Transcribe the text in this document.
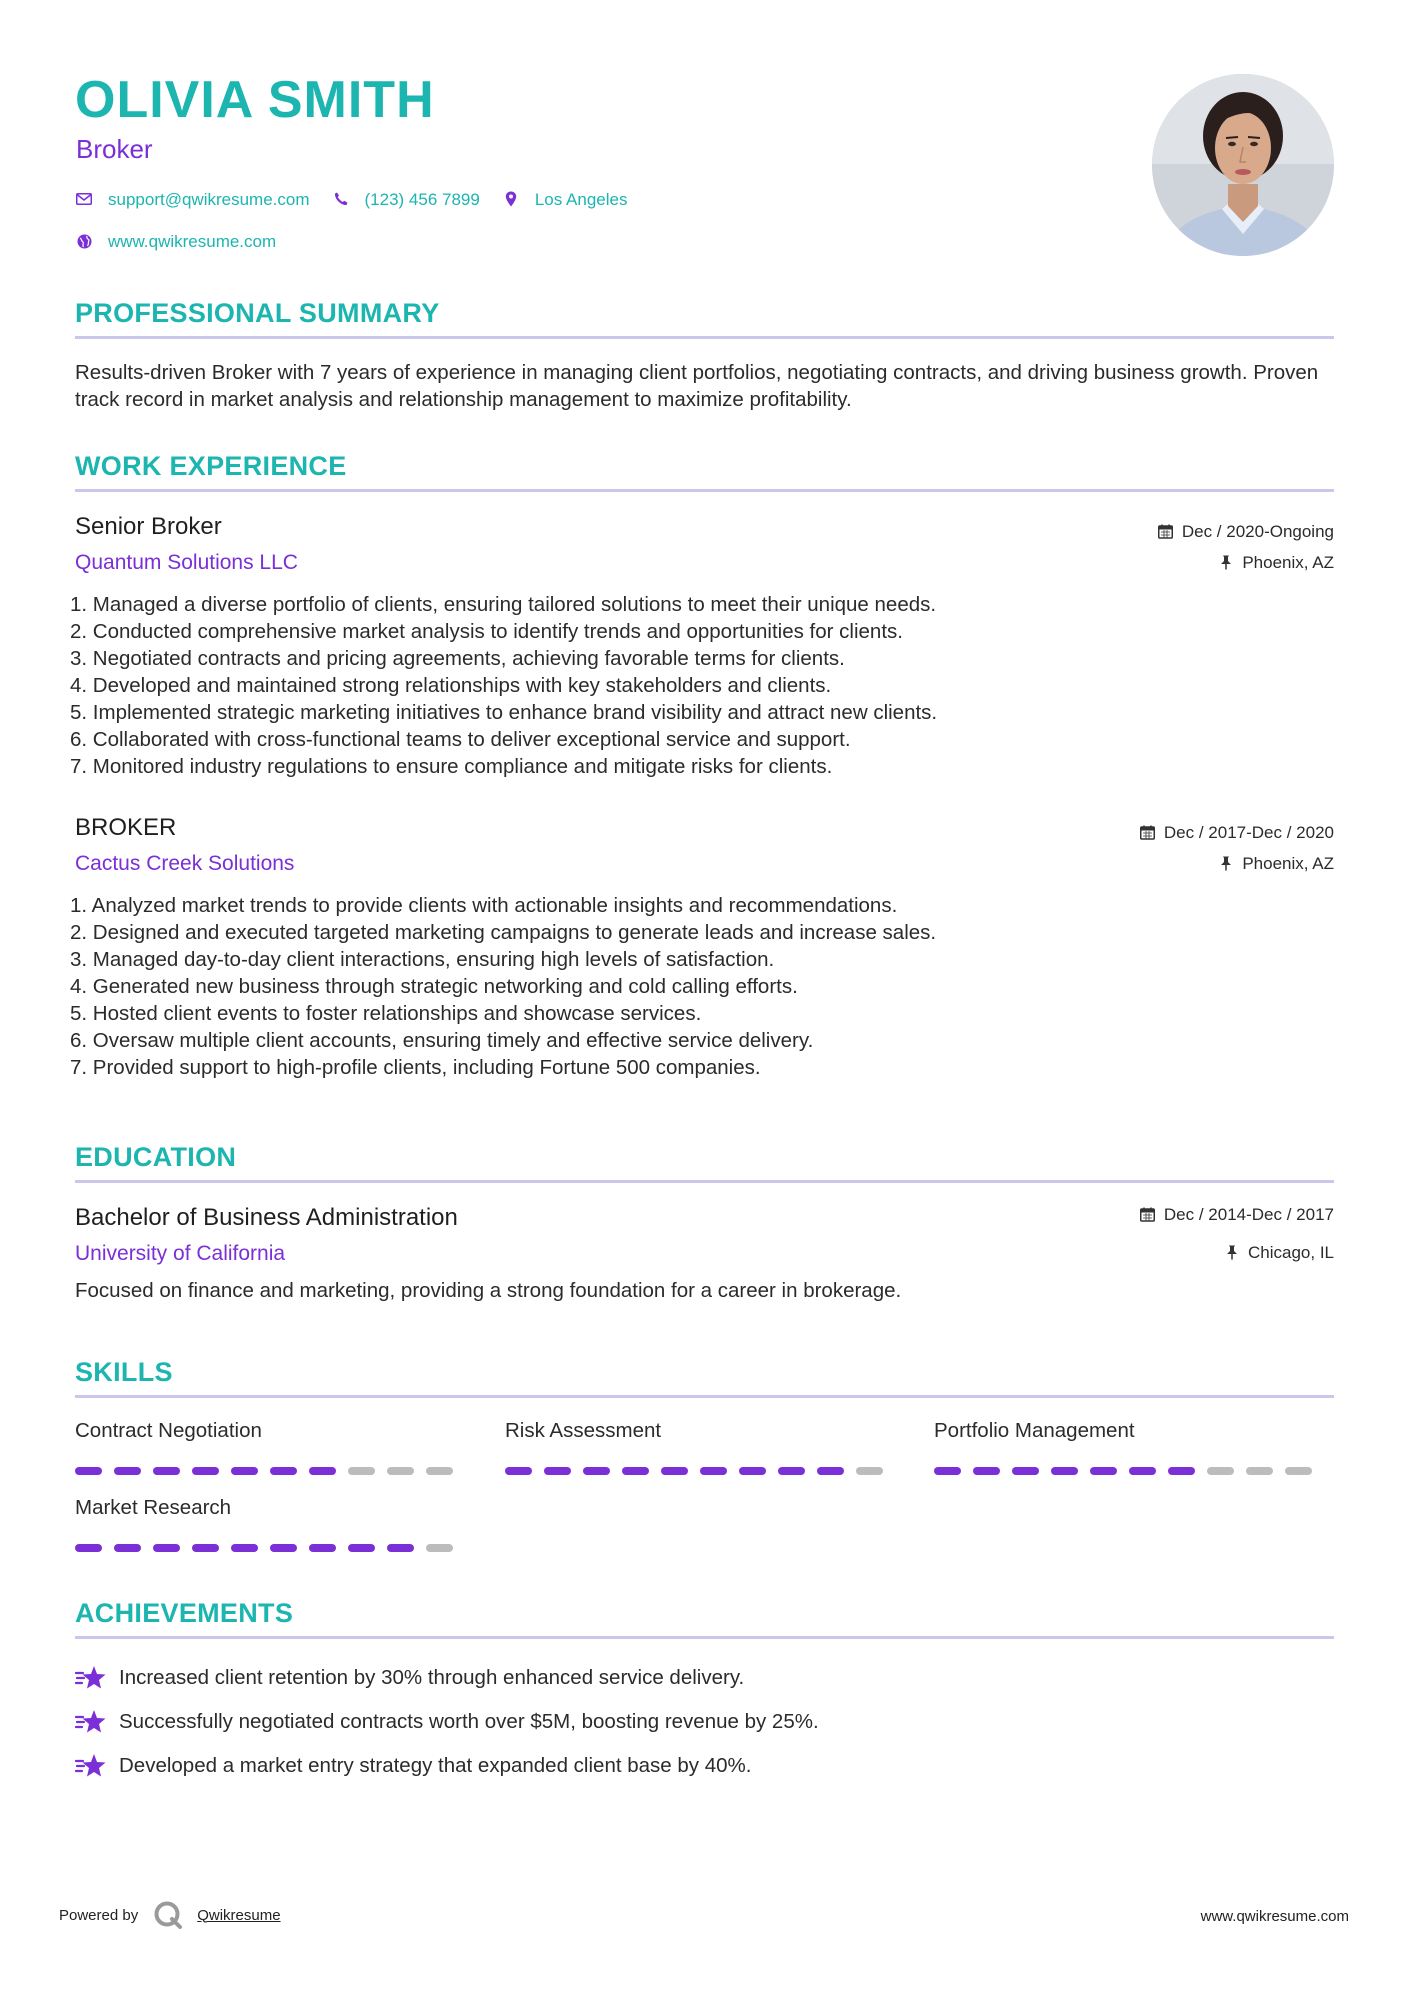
OLIVIA SMITH
Broker
support@qwikresume.com	(123) 456 7899	Los Angeles
www.qwikresume.com
PROFESSIONAL SUMMARY
Results-driven Broker with 7 years of experience in managing client portfolios, negotiating contracts, and driving business growth. Proven track record in market analysis and relationship management to maximize profitability.
WORK EXPERIENCE
Senior Broker	Dec / 2020-Ongoing
Quantum Solutions LLC	Phoenix, AZ
1. Managed a diverse portfolio of clients, ensuring tailored solutions to meet their unique needs.
2. Conducted comprehensive market analysis to identify trends and opportunities for clients.
3. Negotiated contracts and pricing agreements, achieving favorable terms for clients.
4. Developed and maintained strong relationships with key stakeholders and clients.
5. Implemented strategic marketing initiatives to enhance brand visibility and attract new clients.
6. Collaborated with cross-functional teams to deliver exceptional service and support.
7. Monitored industry regulations to ensure compliance and mitigate risks for clients.
BROKER	Dec / 2017-Dec / 2020
Cactus Creek Solutions	Phoenix, AZ
1. Analyzed market trends to provide clients with actionable insights and recommendations.
2. Designed and executed targeted marketing campaigns to generate leads and increase sales.
3. Managed day-to-day client interactions, ensuring high levels of satisfaction.
4. Generated new business through strategic networking and cold calling efforts.
5. Hosted client events to foster relationships and showcase services.
6. Oversaw multiple client accounts, ensuring timely and effective service delivery.
7. Provided support to high-profile clients, including Fortune 500 companies.
EDUCATION
Bachelor of Business Administration	Dec / 2014-Dec / 2017
University of California	Chicago, IL
Focused on finance and marketing, providing a strong foundation for a career in brokerage.
SKILLS
Contract Negotiation	Risk Assessment	Portfolio Management
Market Research
ACHIEVEMENTS
Increased client retention by 30% through enhanced service delivery.
Successfully negotiated contracts worth over $5M, boosting revenue by 25%.
Developed a market entry strategy that expanded client base by 40%.
Powered by	Qwikresume	www.qwikresume.com
